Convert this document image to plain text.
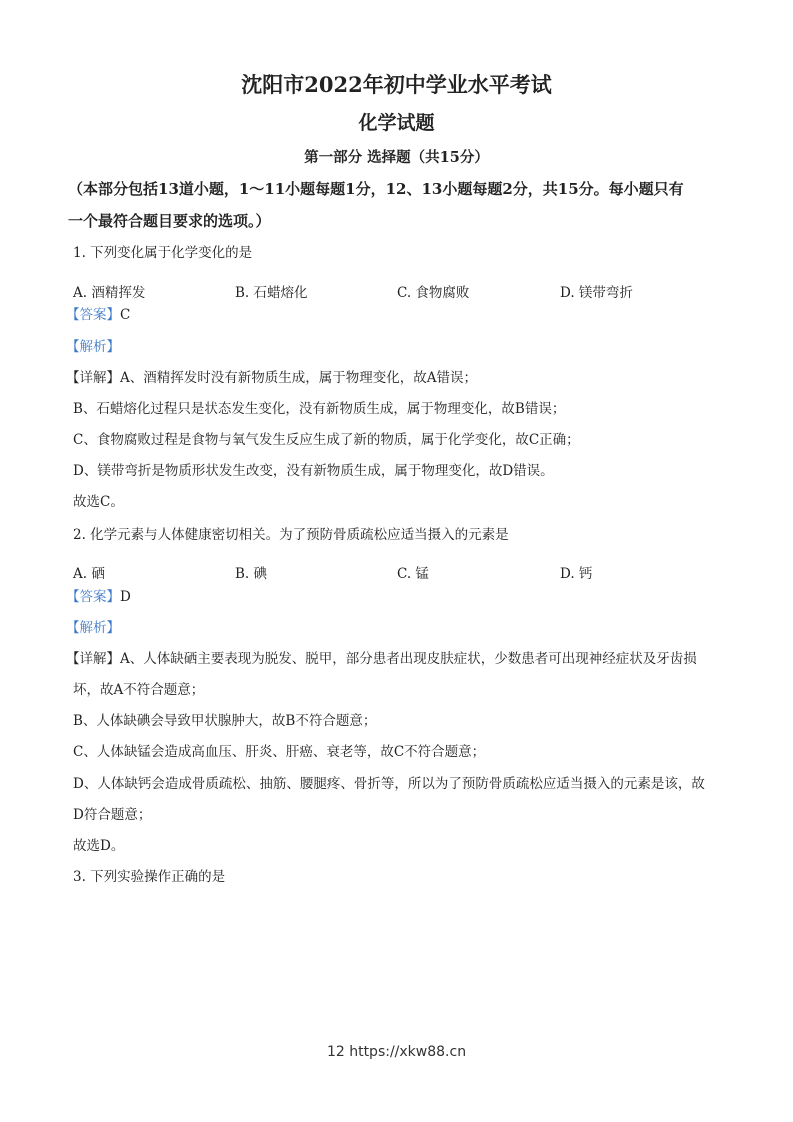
沈阳市2022年初中学业水平考试
化学试题
第一部分 选择题（共15分）
（本部分包括13道小题，1～11小题每题1分，12、13小题每题2分，共15分。每小题只有
一个最符合题目要求的选项。）
1. 下列变化属于化学变化的是
A. 酒精挥发	B. 石蜡熔化	C. 食物腐败	D. 镁带弯折
【答案】C
【解析】
【详解】A、酒精挥发时没有新物质生成，属于物理变化，故A错误；
B、石蜡熔化过程只是状态发生变化，没有新物质生成，属于物理变化，故B错误；
C、食物腐败过程是食物与氧气发生反应生成了新的物质，属于化学变化，故C正确；
D、镁带弯折是物质形状发生改变，没有新物质生成，属于物理变化，故D错误。
故选C。
2. 化学元素与人体健康密切相关。为了预防骨质疏松应适当摄入的元素是
A. 硒	B. 碘	C. 锰	D. 钙
【答案】D
【解析】
【详解】A、人体缺硒主要表现为脱发、脱甲，部分患者出现皮肤症状，少数患者可出现神经症状及牙齿损
坏，故A不符合题意；
B、人体缺碘会导致甲状腺肿大，故B不符合题意；
C、人体缺锰会造成高血压、肝炎、肝癌、衰老等，故C不符合题意；
D、人体缺钙会造成骨质疏松、抽筋、腰腿疼、骨折等，所以为了预防骨质疏松应适当摄入的元素是该，故
D符合题意；
故选D。
3. 下列实验操作正确的是
12 https://xkw88.cn
